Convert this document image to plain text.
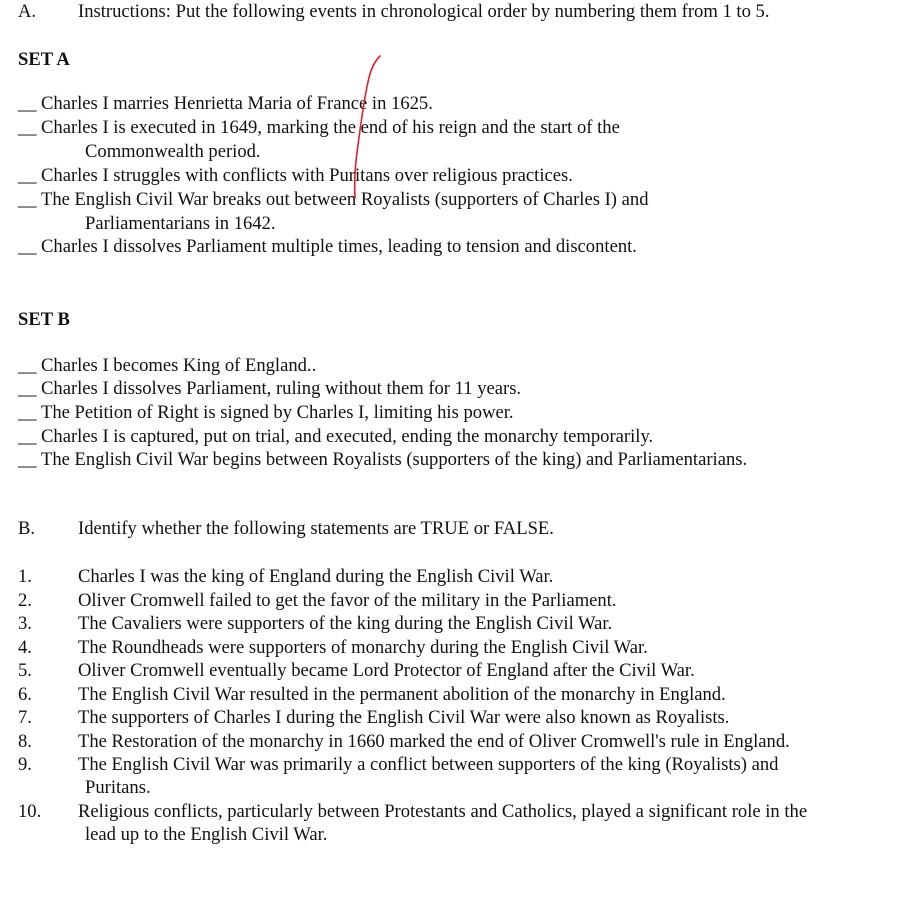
A. Instructions: Put the following events in chronological order by numbering them from 1 to 5.
SET A
__ Charles I marries Henrietta Maria of France in 1625.
__ Charles I is executed in 1649, marking the end of his reign and the start of the
Commonwealth period.
__ Charles I struggles with conflicts with Puritans over religious practices.
__ The English Civil War breaks out between Royalists (supporters of Charles I) and
Parliamentarians in 1642.
__ Charles I dissolves Parliament multiple times, leading to tension and discontent.
SET B
__ Charles I becomes King of England..
__ Charles I dissolves Parliament, ruling without them for 11 years.
__ The Petition of Right is signed by Charles I, limiting his power.
__ Charles I is captured, put on trial, and executed, ending the monarchy temporarily.
__ The English Civil War begins between Royalists (supporters of the king) and Parliamentarians.
B. Identify whether the following statements are TRUE or FALSE.
1. Charles I was the king of England during the English Civil War.
2. Oliver Cromwell failed to get the favor of the military in the Parliament.
3. The Cavaliers were supporters of the king during the English Civil War.
4. The Roundheads were supporters of monarchy during the English Civil War.
5. Oliver Cromwell eventually became Lord Protector of England after the Civil War.
6. The English Civil War resulted in the permanent abolition of the monarchy in England.
7. The supporters of Charles I during the English Civil War were also known as Royalists.
8. The Restoration of the monarchy in 1660 marked the end of Oliver Cromwell's rule in England.
9. The English Civil War was primarily a conflict between supporters of the king (Royalists) and
Puritans.
10. Religious conflicts, particularly between Protestants and Catholics, played a significant role in the
lead up to the English Civil War.
